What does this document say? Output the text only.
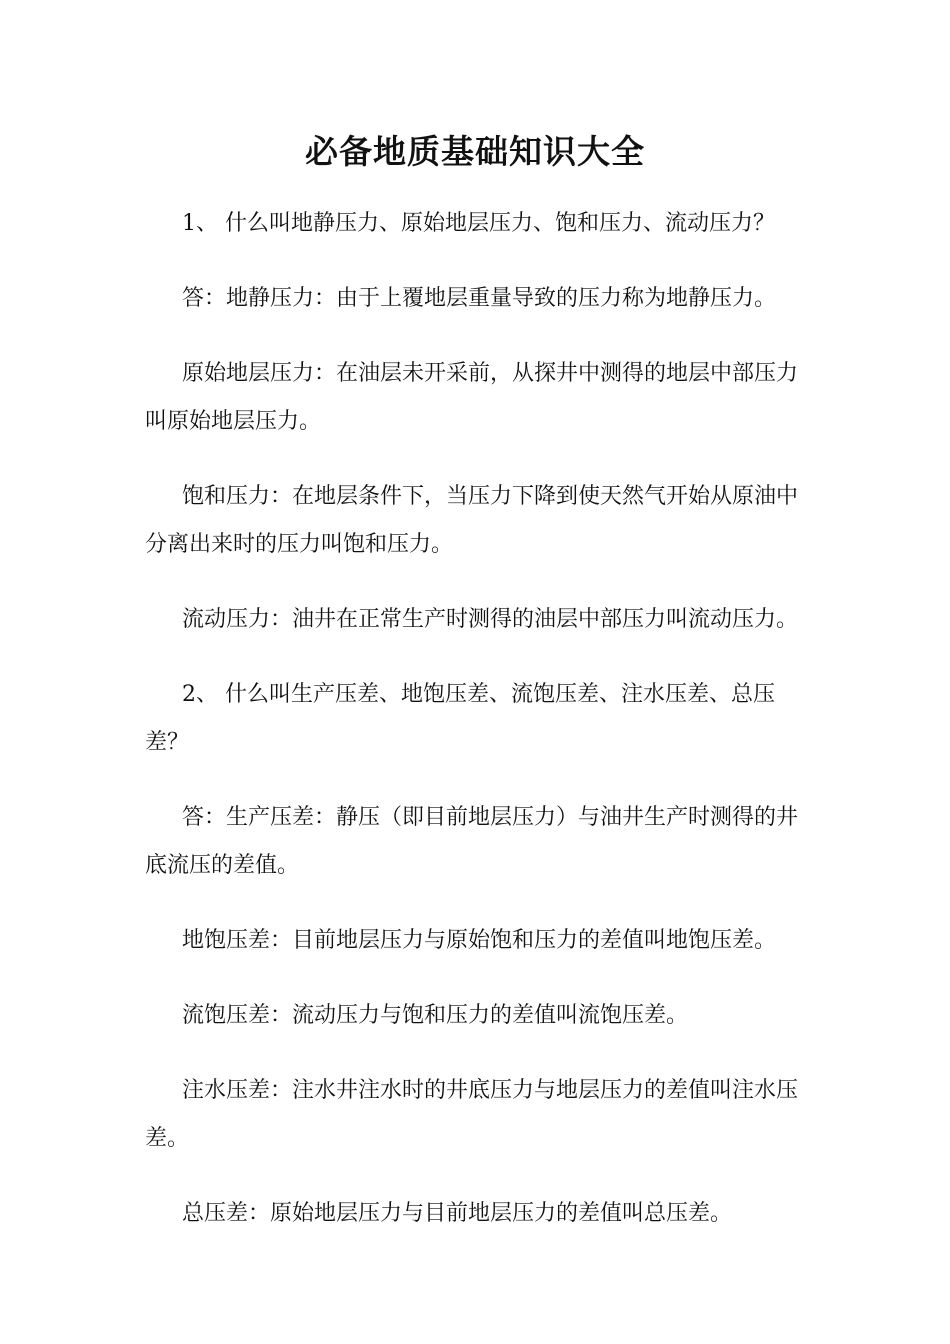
必备地质基础知识大全

1、 什么叫地静压力、原始地层压力、饱和压力、流动压力？

答：地静压力：由于上覆地层重量导致的压力称为地静压力。

原始地层压力：在油层未开采前，从探井中测得的地层中部压力叫原始地层压力。

饱和压力：在地层条件下，当压力下降到使天然气开始从原油中分离出来时的压力叫饱和压力。

流动压力：油井在正常生产时测得的油层中部压力叫流动压力。

2、 什么叫生产压差、地饱压差、流饱压差、注水压差、总压差？

答：生产压差：静压（即目前地层压力）与油井生产时测得的井底流压的差值。

地饱压差：目前地层压力与原始饱和压力的差值叫地饱压差。

流饱压差：流动压力与饱和压力的差值叫流饱压差。

注水压差：注水井注水时的井底压力与地层压力的差值叫注水压差。

总压差：原始地层压力与目前地层压力的差值叫总压差。
